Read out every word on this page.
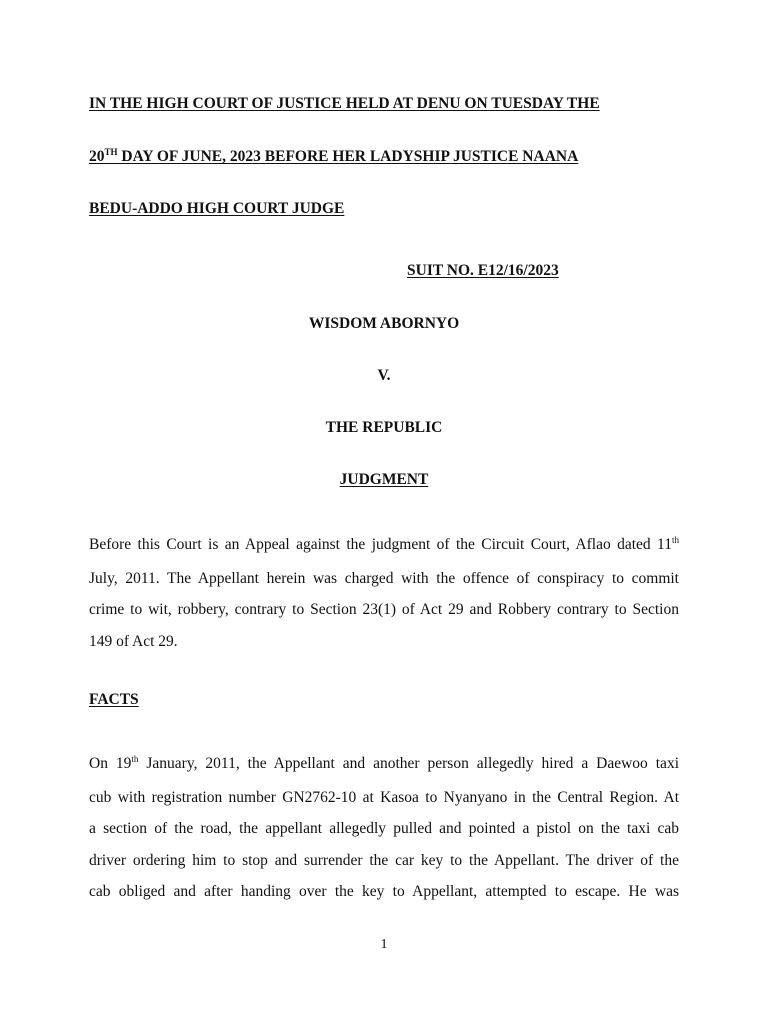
IN THE HIGH COURT OF JUSTICE HELD AT DENU ON TUESDAY THE
20TH DAY OF JUNE, 2023 BEFORE HER LADYSHIP JUSTICE NAANA
BEDU-ADDO HIGH COURT JUDGE
SUIT NO. E12/16/2023
WISDOM ABORNYO
V.
THE REPUBLIC
JUDGMENT
Before this Court is an Appeal against the judgment of the Circuit Court, Aflao dated 11th
July, 2011. The Appellant herein was charged with the offence of conspiracy to commit
crime to wit, robbery, contrary to Section 23(1) of Act 29 and Robbery contrary to Section
149 of Act 29.
FACTS
On 19th January, 2011, the Appellant and another person allegedly hired a Daewoo taxi
cub with registration number GN2762-10 at Kasoa to Nyanyano in the Central Region. At
a section of the road, the appellant allegedly pulled and pointed a pistol on the taxi cab
driver ordering him to stop and surrender the car key to the Appellant. The driver of the
cab obliged and after handing over the key to Appellant, attempted to escape. He was
1
